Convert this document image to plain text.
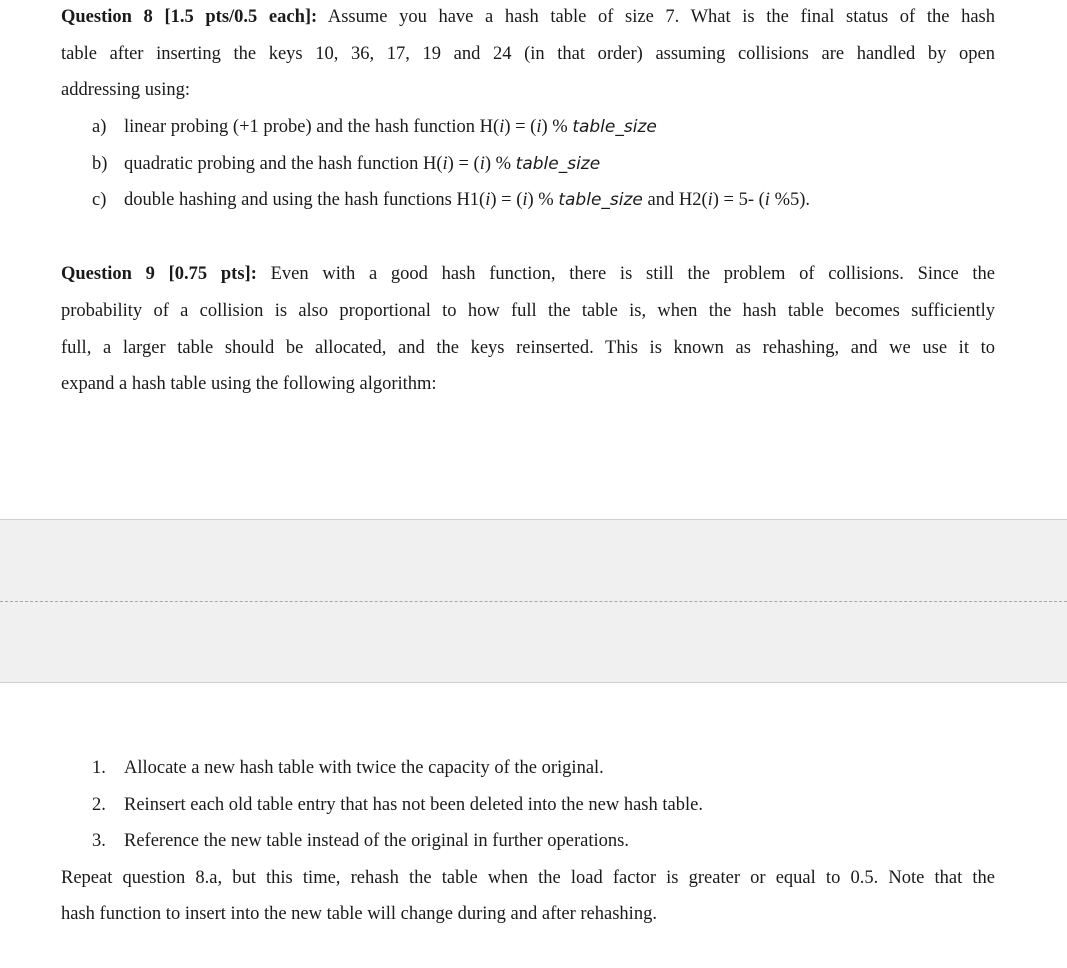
Question 8 [1.5 pts/0.5 each]: Assume you have a hash table of size 7. What is the final status of the hash
table after inserting the keys 10, 36, 17, 19 and 24 (in that order) assuming collisions are handled by open
addressing using:
a) linear probing (+1 probe) and the hash function H(i) = (i) % table_size
b) quadratic probing and the hash function H(i) = (i) % table_size
c) double hashing and using the hash functions H1(i) = (i) % table_size and H2(i) = 5- (i %5).
Question 9 [0.75 pts]: Even with a good hash function, there is still the problem of collisions. Since the
probability of a collision is also proportional to how full the table is, when the hash table becomes sufficiently
full, a larger table should be allocated, and the keys reinserted. This is known as rehashing, and we use it to
expand a hash table using the following algorithm:
1. Allocate a new hash table with twice the capacity of the original.
2. Reinsert each old table entry that has not been deleted into the new hash table.
3. Reference the new table instead of the original in further operations.
Repeat question 8.a, but this time, rehash the table when the load factor is greater or equal to 0.5. Note that the
hash function to insert into the new table will change during and after rehashing.
